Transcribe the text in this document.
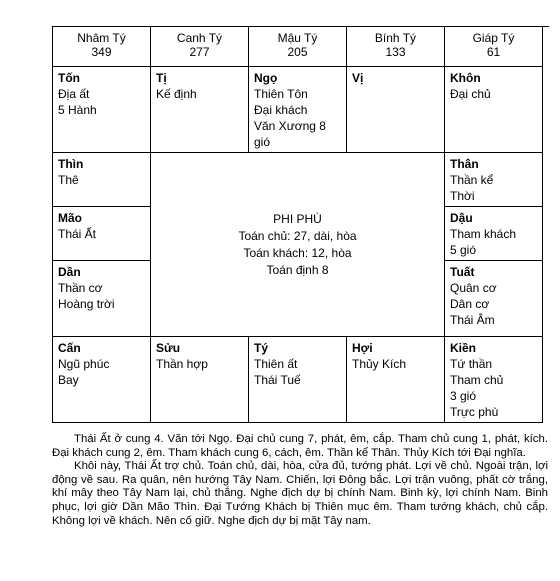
Nhâm Tý
349
Canh Tý
277
Mậu Tý
205
Bính Tý
133
Giáp Tý
61
Tốn
Địa ất
5 Hành
Tị
Kế định
Ngọ
Thiên Tôn
Đại khách
Văn Xương 8
gió
Vị	Khôn
Đại chủ
Thìn
Thê
Thân
Thần kể
Thời
Mão
Thái Ất
Dậu
Tham khách
5 gió
Dần
Thần cơ
Hoàng trời
Tuất
Quân cơ
Dân cơ
Thái Âm
PHI PHÙ
Toán chủ: 27, dài, hòa
Toán khách: 12, hòa
Toán định 8
Cấn
Ngũ phúc
Bay
Sửu
Thần hợp
Tý
Thiên ất
Thái Tuế
Hợi
Thủy Kích
Kiền
Tứ thần
Tham chủ
3 gió
Trực phù

Thái Ất ở cung 4. Văn tới Ngọ. Đại chủ cung 7, phát, êm, cắp. Tham chủ cung 1, phát, kích. Đại khách cung 2, êm. Tham khách cung 6, cách, êm. Thần kể Thân. Thủy Kích tới Đại nghĩa.

Khôi này, Thái Ất trợ chủ. Toán chủ, dài, hòa, cửa đủ, tướng phát. Lợi về chủ. Ngoài trận, lợi động về sau. Ra quân, nên hướng Tây Nam. Chiến, lợi Đông bắc. Lợi trận vuông, phất cờ trắng, khí mây theo Tây Nam lại, chủ thắng. Nghe địch dự bị chính Nam. Binh kỳ, lợi chính Nam. Binh phục, lợi giờ Dần Mão Thìn. Đại Tướng Khách bị Thiên mục êm. Tham tướng khách, chủ cắp. Không lợi về khách. Nên cố giữ. Nghe địch dự bị mặt Tây nam.
